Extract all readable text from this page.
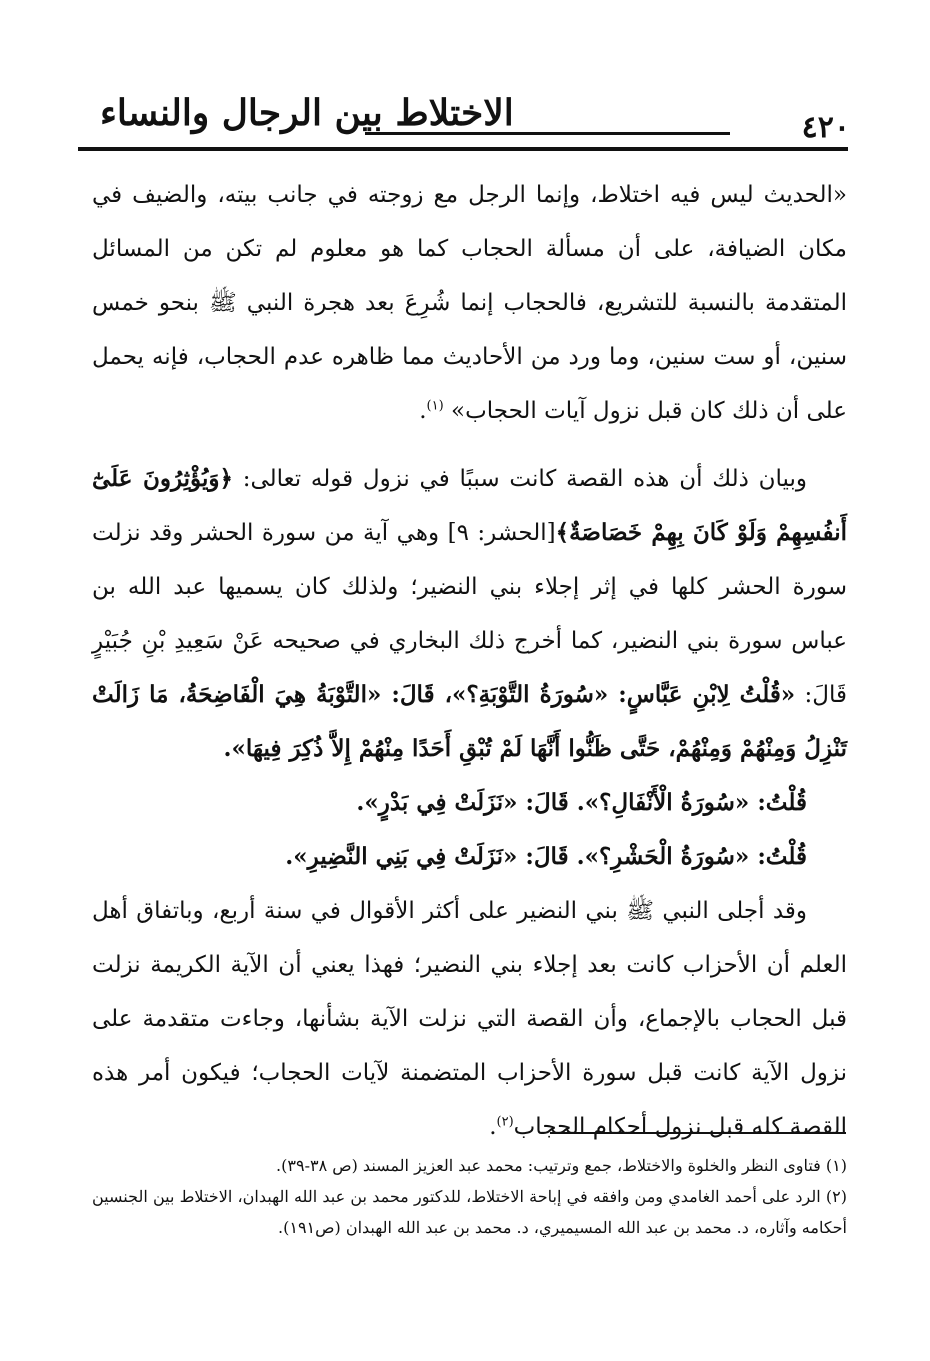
٤٢٠
الاختلاط بين الرجال والنساء

«الحديث ليس فيه اختلاط، وإنما الرجل مع زوجته في جانب بيته، والضيف في مكان الضيافة، على أن مسألة الحجاب كما هو معلوم لم تكن من المسائل المتقدمة بالنسبة للتشريع، فالحجاب إنما شُرِعَ بعد هجرة النبي ﷺ بنحو خمس سنين، أو ست سنين، وما ورد من الأحاديث مما ظاهره عدم الحجاب، فإنه يحمل على أن ذلك كان قبل نزول آيات الحجاب» $^{(١)}$.

وبيان ذلك أن هذه القصة كانت سببًا في نزول قوله تعالى: ﴿وَيُؤْثِرُونَ عَلَىٰٓ أَنفُسِهِمْ وَلَوْ كَانَ بِهِمْ خَصَاصَةٌ﴾[الحشر: ٩] وهي آية من سورة الحشر وقد نزلت سورة الحشر كلها في إثر إجلاء بني النضير؛ ولذلك كان يسميها عبد الله بن عباس سورة بني النضير، كما أخرج ذلك البخاري في صحيحه عَنْ سَعِيدِ بْنِ جُبَيْرٍ قَالَ: «قُلْتُ لِابْنِ عَبَّاسٍ: «سُورَةُ التَّوْبَةِ؟»، قَالَ: «التَّوْبَةُ هِيَ الْفَاضِحَةُ، مَا زَالَتْ تَنْزِلُ وَمِنْهُمْ وَمِنْهُمْ، حَتَّى ظَنُّوا أَنَّهَا لَمْ تُبْقِ أَحَدًا مِنْهُمْ إِلاَّ ذُكِرَ فِيهَا».

قُلْتُ: «سُورَةُ الْأَنْفَالِ؟». قَالَ: «نَزَلَتْ فِي بَدْرٍ».

قُلْتُ: «سُورَةُ الْحَشْرِ؟». قَالَ: «نَزَلَتْ فِي بَنِي النَّضِيرِ».

وقد أجلى النبي ﷺ بني النضير على أكثر الأقوال في سنة أربع، وباتفاق أهل العلم أن الأحزاب كانت بعد إجلاء بني النضير؛ فهذا يعني أن الآية الكريمة نزلت قبل الحجاب بالإجماع، وأن القصة التي نزلت الآية بشأنها، وجاءت متقدمة على نزول الآية كانت قبل سورة الأحزاب المتضمنة لآيات الحجاب؛ فيكون أمر هذه القصة كله قبل نزول أحكام الحجاب$^{(٢)}$.

(١) فتاوى النظر والخلوة والاختلاط، جمع وترتيب: محمد عبد العزيز المسند (ص ٣٨-٣٩).

(٢) الرد على أحمد الغامدي ومن وافقه في إباحة الاختلاط، للدكتور محمد بن عبد الله الهبدان، الاختلاط بين الجنسين أحكامه وآثاره، د. محمد بن عبد الله المسيميري، د. محمد بن عبد الله الهبدان (ص١٩١).
